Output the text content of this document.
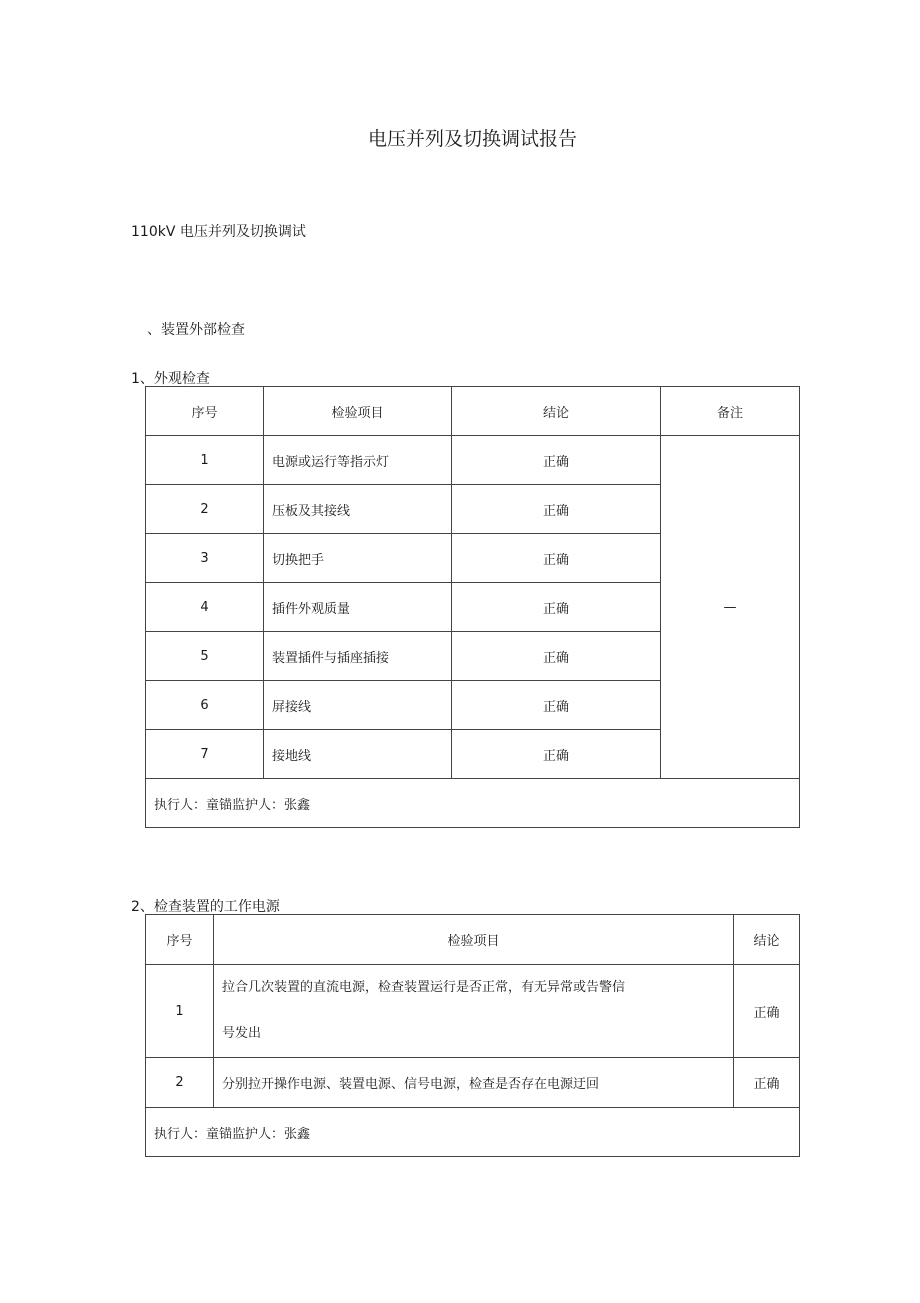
电压并列及切换调试报告
110kV 电压并列及切换调试
、装置外部检查
1、外观检查
序号	检验项目	结论	备注
1	电源或运行等指示灯	正确	—
2	压板及其接线	正确	
3	切换把手	正确	
4	插件外观质量	正确	
5	装置插件与插座插接	正确	
6	屏接线	正确	
7	接地线	正确	
执行人：童锚监护人：张鑫			
2、检查装置的工作电源
序号	检验项目	结论
1	拉合几次装置的直流电源，检查装置运行是否正常，有无异常或告警信
号发出	正确
2	分别拉开操作电源、装置电源、信号电源，检查是否存在电源迂回	正确
执行人：童锚监护人：张鑫		
